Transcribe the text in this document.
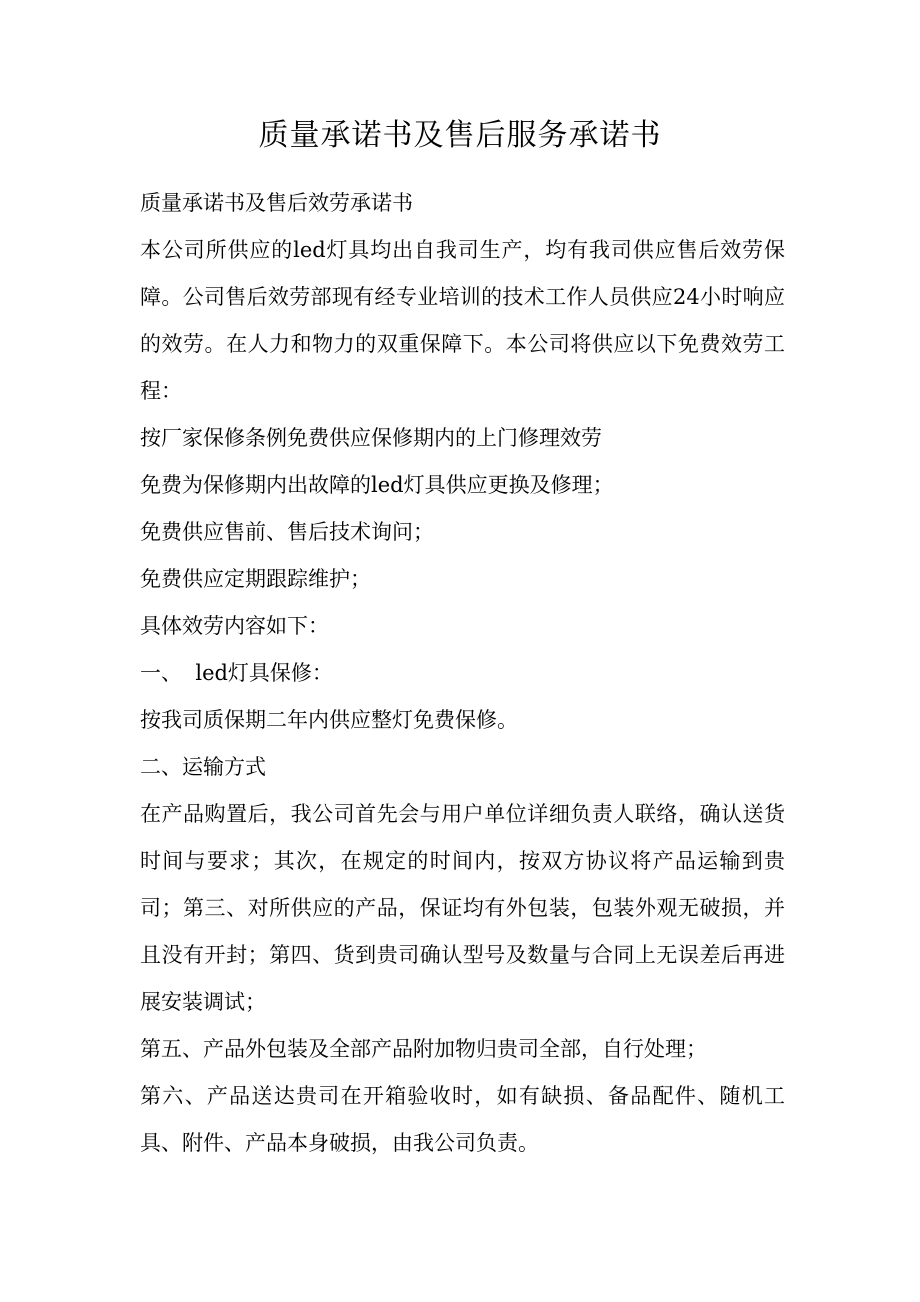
质量承诺书及售后服务承诺书

质量承诺书及售后效劳承诺书

本公司所供应的led灯具均出自我司生产，均有我司供应售后效劳保障。公司售后效劳部现有经专业培训的技术工作人员供应24小时响应的效劳。在人力和物力的双重保障下。本公司将供应以下免费效劳工程：

按厂家保修条例免费供应保修期内的上门修理效劳

免费为保修期内出故障的led灯具供应更换及修理；

免费供应售前、售后技术询问；

免费供应定期跟踪维护；

具体效劳内容如下：

一、  led灯具保修：

按我司质保期二年内供应整灯免费保修。

二、运输方式

在产品购置后，我公司首先会与用户单位详细负责人联络，确认送货时间与要求；其次，在规定的时间内，按双方协议将产品运输到贵司；第三、对所供应的产品，保证均有外包装，包装外观无破损，并且没有开封；第四、货到贵司确认型号及数量与合同上无误差后再进展安装调试；

第五、产品外包装及全部产品附加物归贵司全部，自行处理；

第六、产品送达贵司在开箱验收时，如有缺损、备品配件、随机工具、附件、产品本身破损，由我公司负责。
